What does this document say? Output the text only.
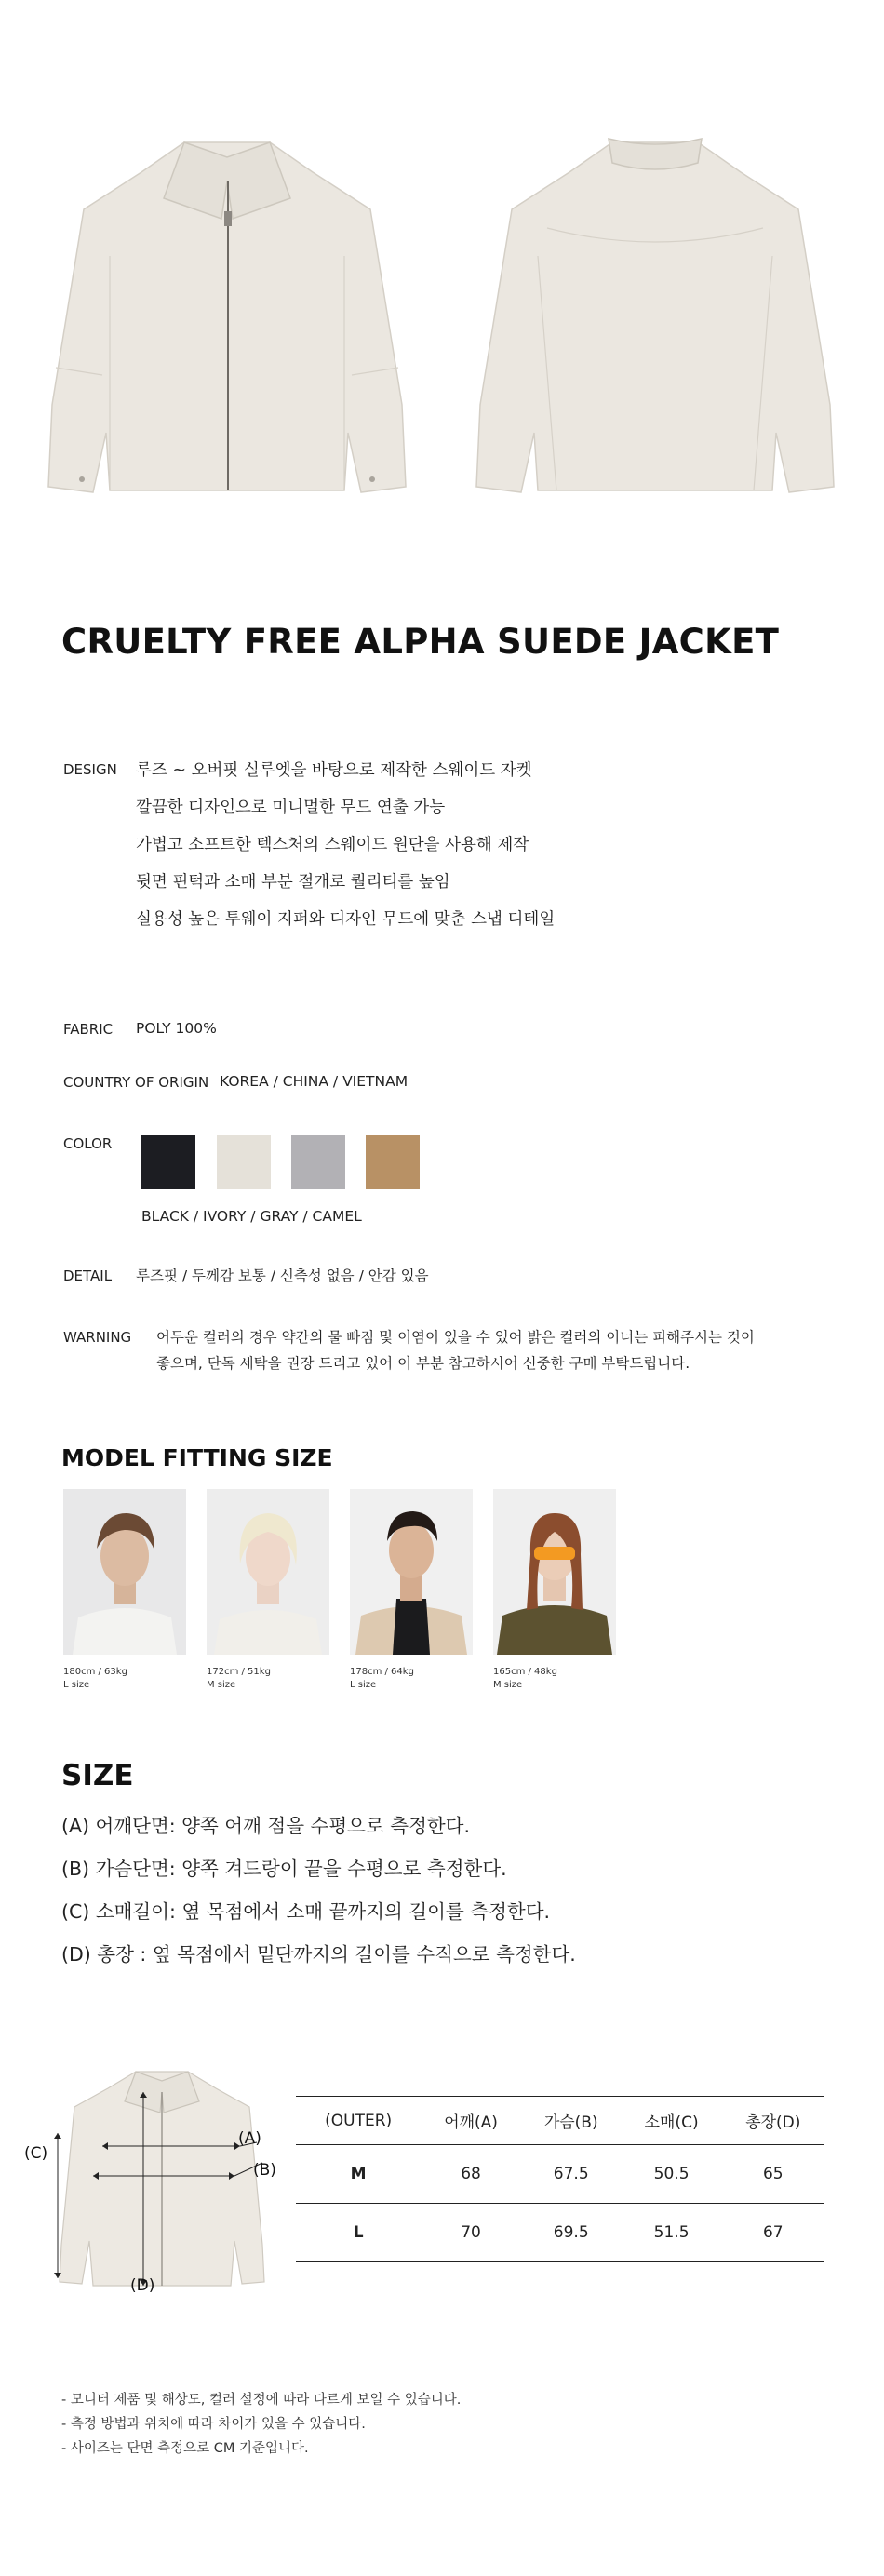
CRUELTY FREE ALPHA SUEDE JACKET
DESIGN 루즈 ~ 오버핏 실루엣을 바탕으로 제작한 스웨이드 자켓
깔끔한 디자인으로 미니멀한 무드 연출 가능
가볍고 소프트한 텍스처의 스웨이드 원단을 사용해 제작
뒷면 핀턱과 소매 부분 절개로 퀄리티를 높임
실용성 높은 투웨이 지퍼와 디자인 무드에 맞춘 스냅 디테일
FABRIC POLY 100%
COUNTRY OF ORIGIN KOREA / CHINA / VIETNAM
COLOR
BLACK / IVORY / GRAY / CAMEL
DETAIL 루즈핏 / 두께감 보통 / 신축성 없음 / 안감 있음
WARNING 어두운 컬러의 경우 약간의 물 빠짐 및 이염이 있을 수 있어 밝은 컬러의 이너는 피해주시는 것이
좋으며, 단독 세탁을 권장 드리고 있어 이 부분 참고하시어 신중한 구매 부탁드립니다.
MODEL FITTING SIZE
180cm / 63kg
L size
172cm / 51kg
M size
178cm / 64kg
L size
165cm / 48kg
M size
SIZE
(A) 어깨단면: 양쪽 어깨 점을 수평으로 측정한다.
(B) 가슴단면: 양쪽 겨드랑이 끝을 수평으로 측정한다.
(C) 소매길이: 옆 목점에서 소매 끝까지의 길이를 측정한다.
(D) 총장 : 옆 목점에서 밑단까지의 길이를 수직으로 측정한다.
(A)
(B)
(C)
(D)
(OUTER)	어깨(A)	가슴(B)	소매(C)	총장(D)
M	68	67.5	50.5	65
L	70	69.5	51.5	67
- 모니터 제품 및 해상도, 컬러 설정에 따라 다르게 보일 수 있습니다.
- 측정 방법과 위치에 따라 차이가 있을 수 있습니다.
- 사이즈는 단면 측정으로 CM 기준입니다.
